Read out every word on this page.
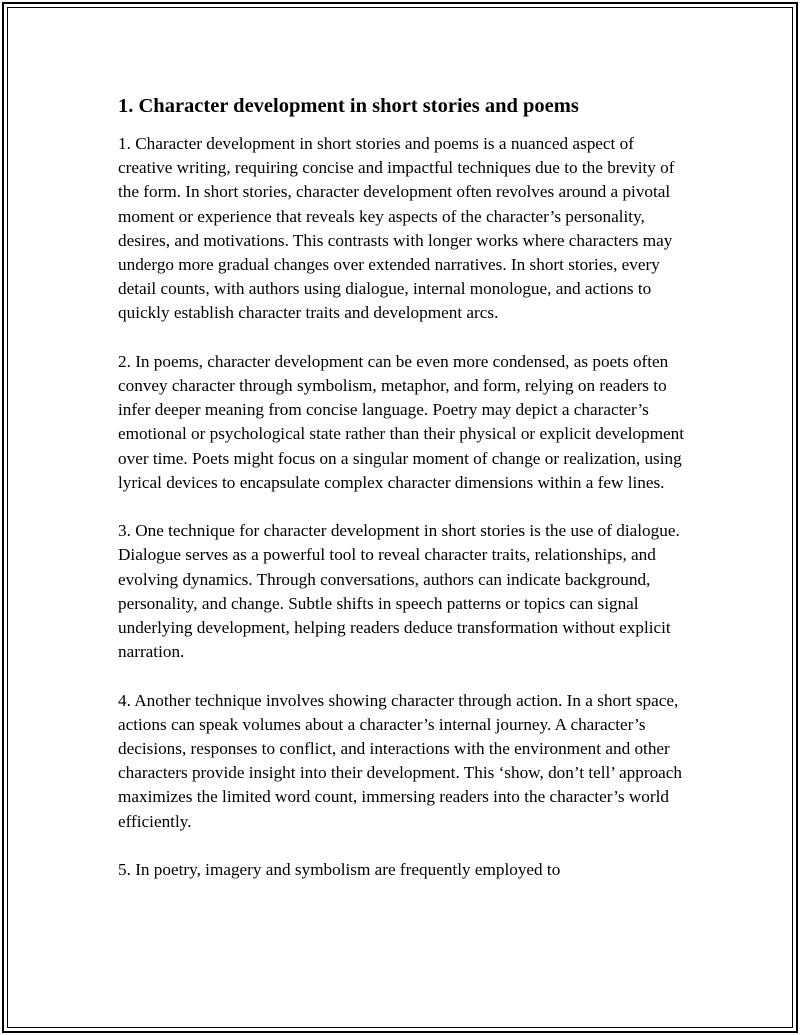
1. Character development in short stories and poems

1. Character development in short stories and poems is a nuanced aspect of creative writing, requiring concise and impactful techniques due to the brevity of the form. In short stories, character development often revolves around a pivotal moment or experience that reveals key aspects of the character’s personality, desires, and motivations. This contrasts with longer works where characters may undergo more gradual changes over extended narratives. In short stories, every detail counts, with authors using dialogue, internal monologue, and actions to quickly establish character traits and development arcs.

2. In poems, character development can be even more condensed, as poets often convey character through symbolism, metaphor, and form, relying on readers to infer deeper meaning from concise language. Poetry may depict a character’s emotional or psychological state rather than their physical or explicit development over time. Poets might focus on a singular moment of change or realization, using lyrical devices to encapsulate complex character dimensions within a few lines.

3. One technique for character development in short stories is the use of dialogue. Dialogue serves as a powerful tool to reveal character traits, relationships, and evolving dynamics. Through conversations, authors can indicate background, personality, and change. Subtle shifts in speech patterns or topics can signal underlying development, helping readers deduce transformation without explicit narration.

4. Another technique involves showing character through action. In a short space, actions can speak volumes about a character’s internal journey. A character’s decisions, responses to conflict, and interactions with the environment and other characters provide insight into their development. This ‘show, don’t tell’ approach maximizes the limited word count, immersing readers into the character’s world efficiently.

5. In poetry, imagery and symbolism are frequently employed to
